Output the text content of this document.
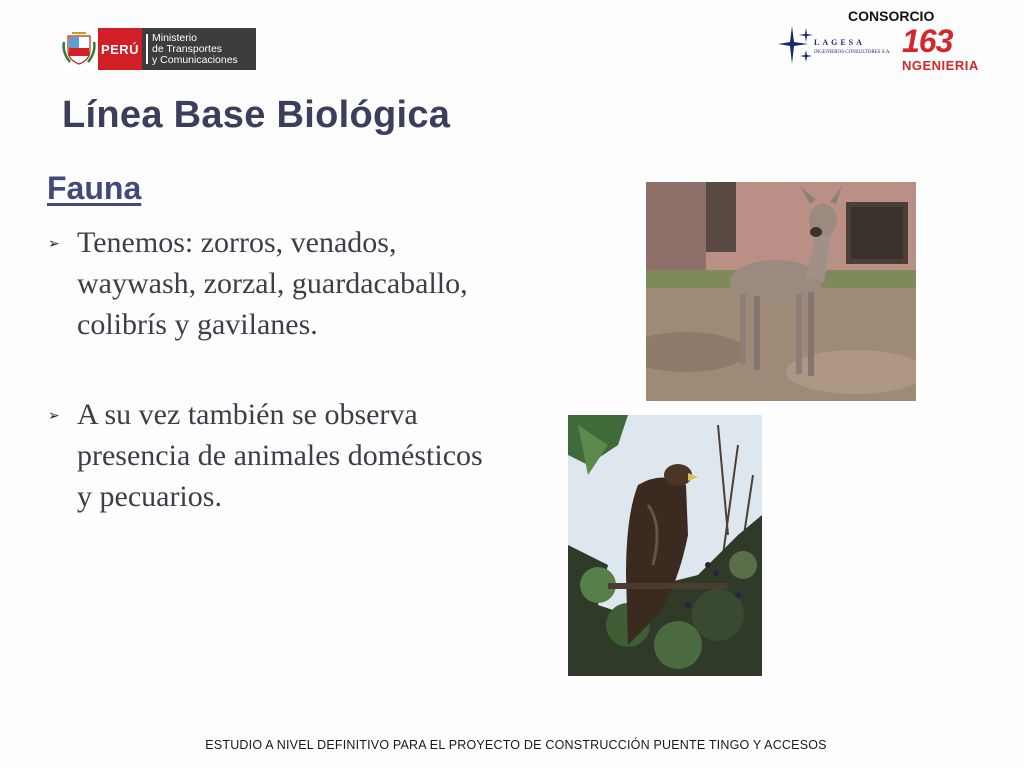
PERÚ
Ministerio
de Transportes
y Comunicaciones
CONSORCIO
LAGESA
INGENIEROS CONSULTORES S.A. 163
NGENIERIA
Línea Base Biológica
Fauna
➢ Tenemos: zorros, venados, waywash, zorzal, guardacaballo, colibrís y gavilanes.
➢ A su vez también se observa presencia de animales domésticos y pecuarios.
ESTUDIO A NIVEL DEFINITIVO PARA EL PROYECTO DE CONSTRUCCIÓN PUENTE TINGO Y ACCESOS
